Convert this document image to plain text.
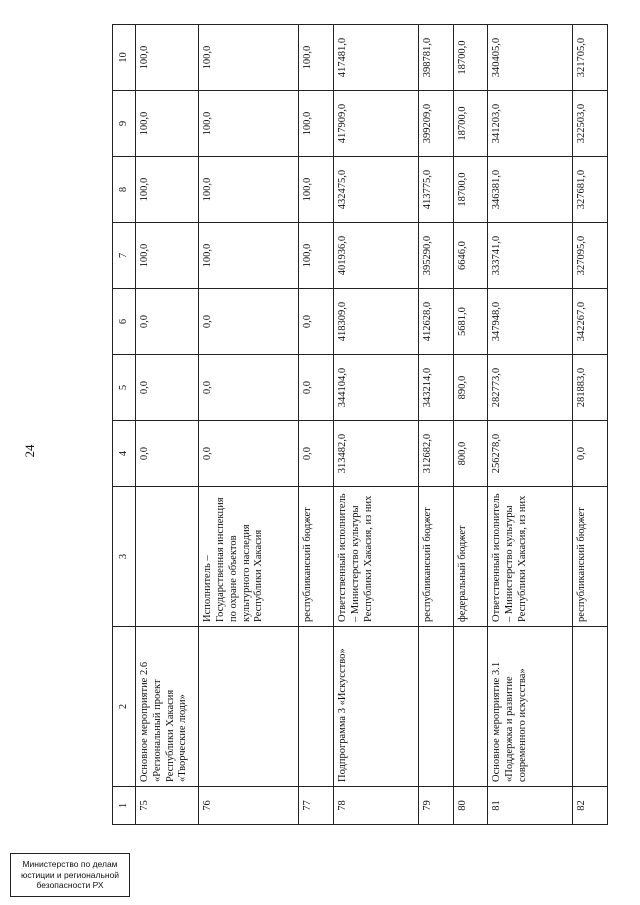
24
1	2	3	4	5	6	7	8	9	10
75	Основное мероприятие 2.6 «Региональный проект Республики Хакасия «Творческие люди»		0,0	0,0	0,0	100,0	100,0	100,0	100,0
76		Исполнитель – Государственная инспекция по охране объектов культурного наследия Республики Хакасия	0,0	0,0	0,0	100,0	100,0	100,0	100,0
77		республиканский бюджет	0,0	0,0	0,0	100,0	100,0	100,0	100,0
78	Подпрограмма 3 «Искусство»	Ответственный исполнитель – Министерство культуры Республики Хакасия, из них	313482,0	344104,0	418309,0	401936,0	432475,0	417909,0	417481,0
79		республиканский бюджет	312682,0	343214,0	412628,0	395290,0	413775,0	399209,0	398781,0
80		федеральный бюджет	800,0	890,0	5681,0	6646,0	18700,0	18700,0	18700,0
81	Основное мероприятие 3.1 «Поддержка и развитие современного искусства»	Ответственный исполнитель – Министерство культуры Республики Хакасия, из них	256278,0	282773,0	347948,0	333741,0	346381,0	341203,0	340405,0
82		республиканский бюджет	0,0	281883,0	342267,0	327095,0	327681,0	322503,0	321705,0
Министерство по делам
юстиции и региональной
безопасности РХ
